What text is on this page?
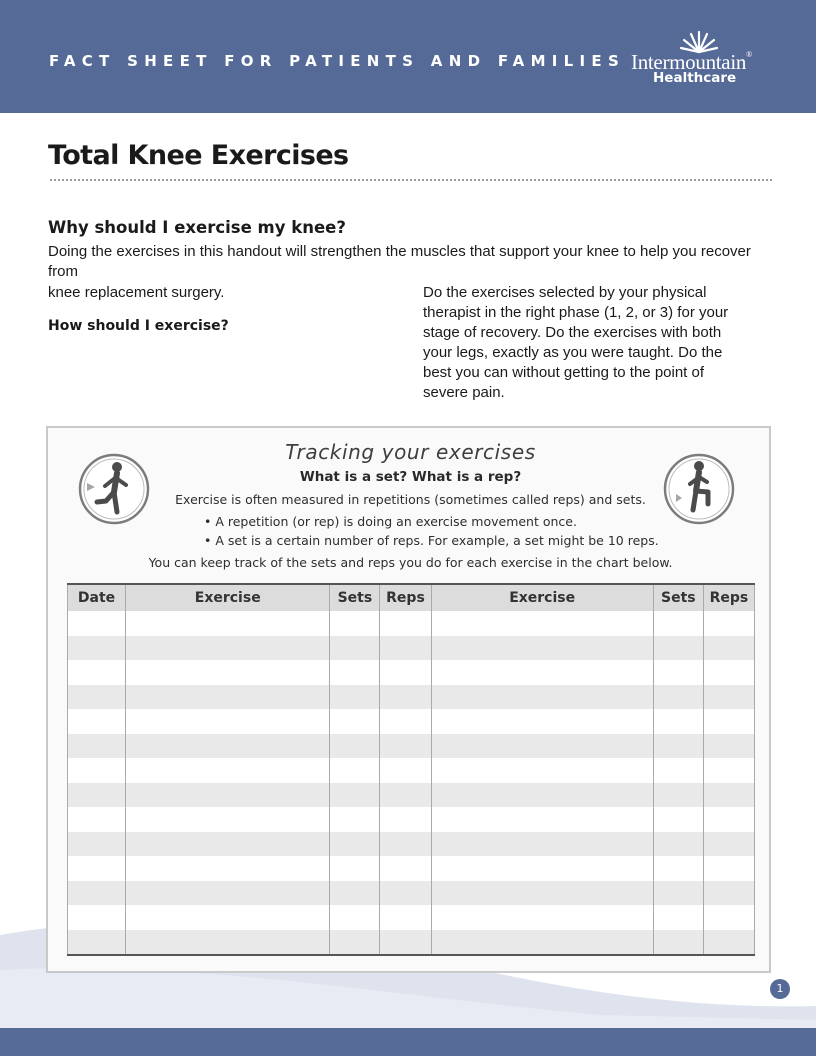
FACT SHEET FOR PATIENTS AND FAMILIES Intermountain®
Healthcare
Total Knee Exercises
Why should I exercise my knee?
Doing the exercises in this handout will strengthen the muscles that support your knee to help you recover from
knee replacement surgery.
How should I exercise?
Do the exercises selected by your physical therapist in the right phase (1, 2, or 3) for your stage of recovery. Do the exercises with both your legs, exactly as you were taught. Do the best you can without getting to the point of severe pain.
Tracking your exercises
What is a set? What is a rep?
Exercise is often measured in repetitions (sometimes called reps) and sets.
• A repetition (or rep) is doing an exercise movement once.
• A set is a certain number of reps. For example, a set might be 10 reps.
You can keep track of the sets and reps you do for each exercise in the chart below.
Date	Exercise	Sets	Reps	Exercise	Sets	Reps

1
